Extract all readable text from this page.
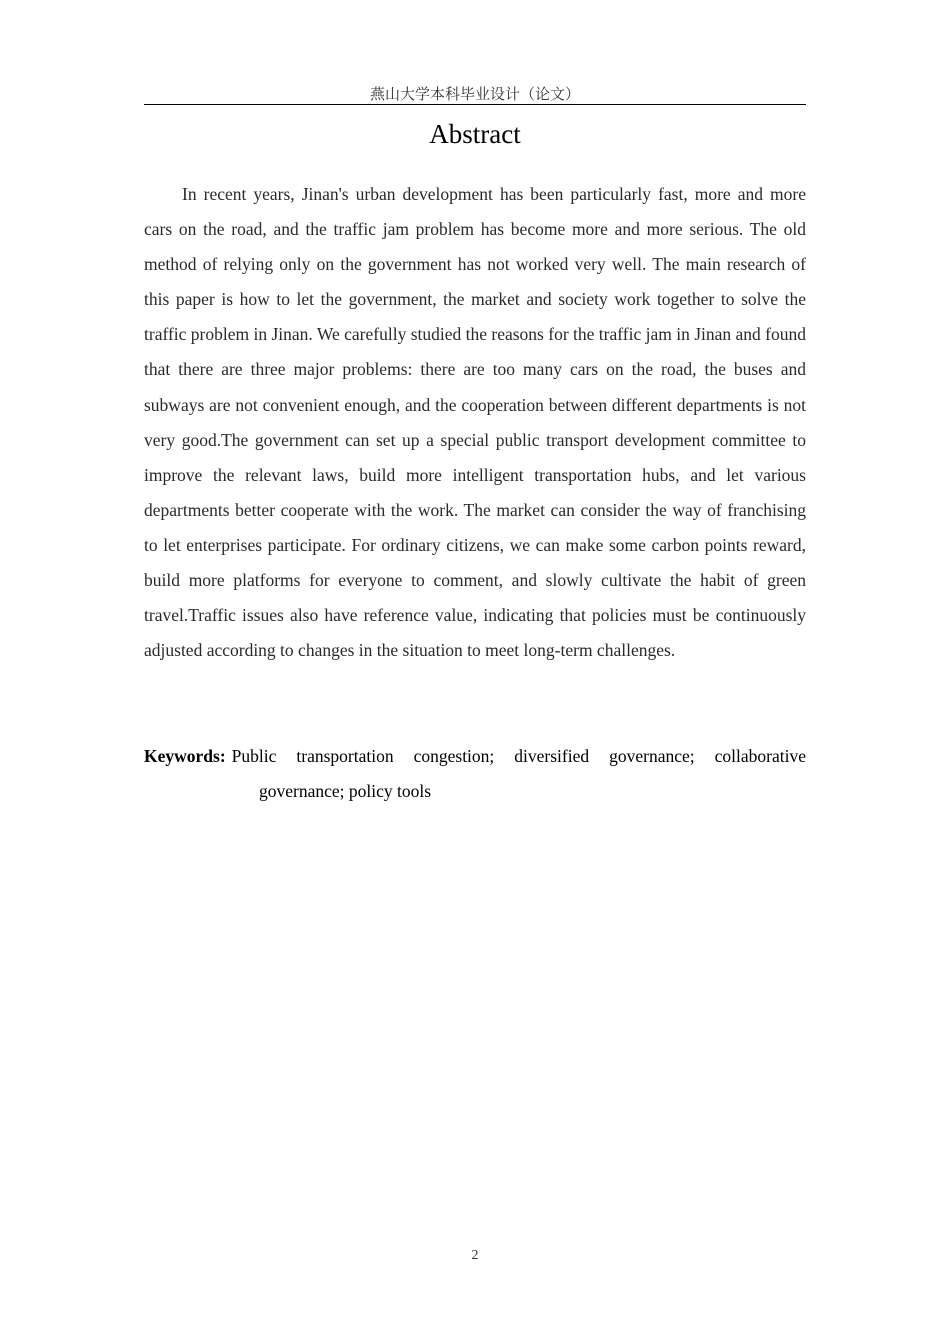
燕山大学本科毕业设计（论文）
Abstract

In recent years, Jinan's urban development has been particularly fast, more and more cars on the road, and the traffic jam problem has become more and more serious. The old method of relying only on the government has not worked very well. The main research of this paper is how to let the government, the market and society work together to solve the traffic problem in Jinan. We carefully studied the reasons for the traffic jam in Jinan and found that there are three major problems: there are too many cars on the road, the buses and subways are not convenient enough, and the cooperation between different departments is not very good.The government can set up a special public transport development committee to improve the relevant laws, build more intelligent transportation hubs, and let various departments better cooperate with the work. The market can consider the way of franchising to let enterprises participate. For ordinary citizens, we can make some carbon points reward, build more platforms for everyone to comment, and slowly cultivate the habit of green travel.Traffic issues also have reference value, indicating that policies must be continuously adjusted according to changes in the situation to meet long-term challenges.

Keywords: Public transportation congestion; diversified governance; collaborative governance; policy tools
2
